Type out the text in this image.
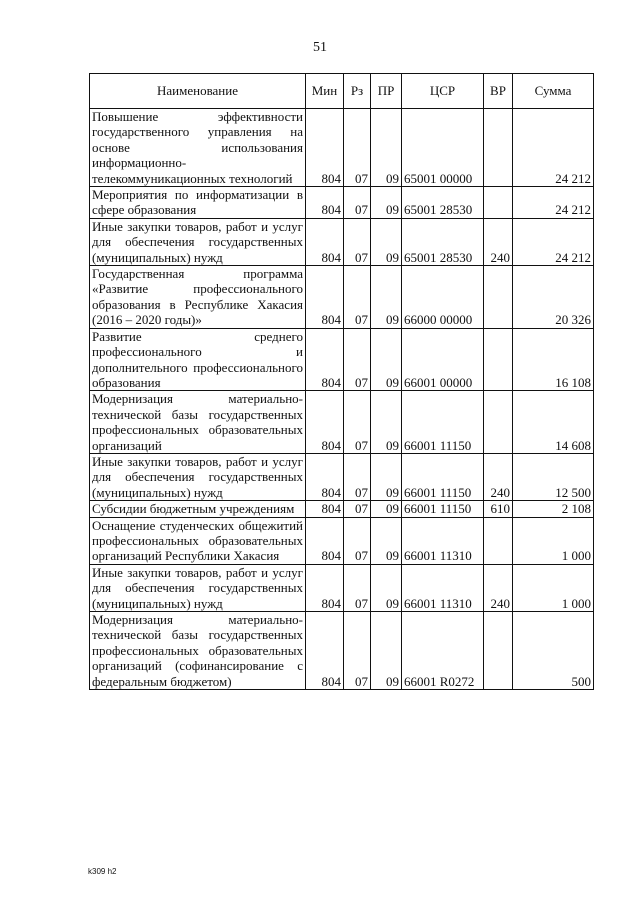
51
Наименование	Мин	Рз	ПР	ЦСР	ВР	Сумма
Повышение эффективности государственного управления на основе использования информационно-телекоммуникационных технологий	804	07	09	65001 00000		24 212
Мероприятия по информатизации в сфере образования	804	07	09	65001 28530		24 212
Иные закупки товаров, работ и услуг для обеспечения государственных (муниципальных) нужд	804	07	09	65001 28530	240	24 212
Государственная программа «Развитие профессионального образования в Республике Хакасия (2016 – 2020 годы)»	804	07	09	66000 00000		20 326
Развитие среднего профессионального и дополнительного профессионального образования	804	07	09	66001 00000		16 108
Модернизация материально-технической базы государственных профессиональных образовательных организаций	804	07	09	66001 11150		14 608
Иные закупки товаров, работ и услуг для обеспечения государственных (муниципальных) нужд	804	07	09	66001 11150	240	12 500
Субсидии бюджетным учреждениям	804	07	09	66001 11150	610	2 108
Оснащение студенческих общежитий профессиональных образовательных организаций Республики Хакасия	804	07	09	66001 11310		1 000
Иные закупки товаров, работ и услуг для обеспечения государственных (муниципальных) нужд	804	07	09	66001 11310	240	1 000
Модернизация материально-технической базы государственных профессиональных образовательных организаций (софинансирование с федеральным бюджетом)	804	07	09	66001 R0272		500
k309 h2
